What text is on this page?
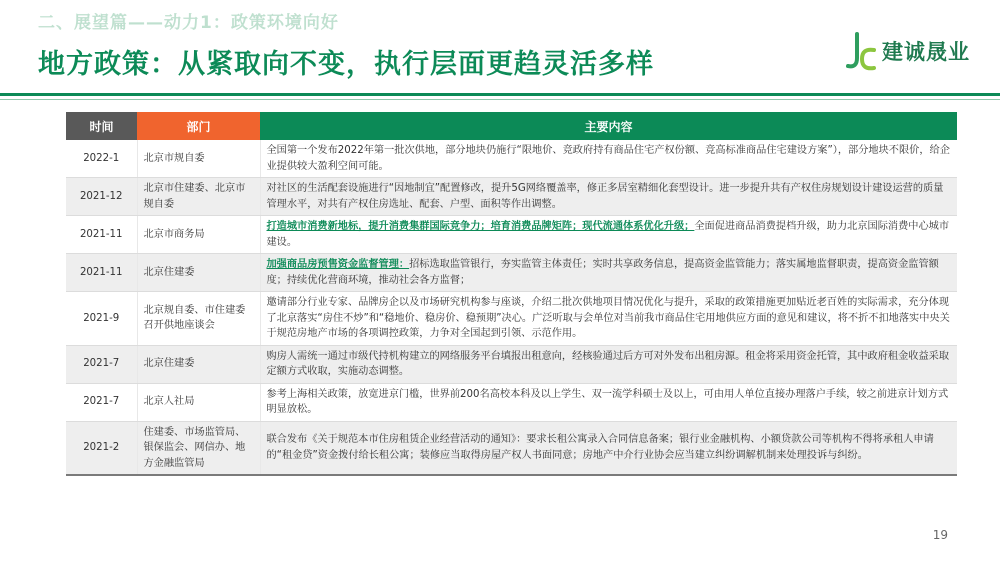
二、展望篇——动力1：政策环境向好
地方政策：从紧取向不变，执行层面更趋灵活多样	建诚晟业
时间	部门	主要内容
2022-1	北京市规自委	全国第一个发布2022年第一批次供地，部分地块仍施行“限地价、竞政府持有商品住宅产权份额、竞高标准商品住宅建设方案”），部分地块不限价，给企业提供较大盈利空间可能。
2021-12	北京市住建委、北京市规自委	对社区的生活配套设施进行“因地制宜”配置修改，提升5G网络覆盖率，修正多居室精细化套型设计。进一步提升共有产权住房规划设计建设运营的质量管理水平，对共有产权住房选址、配套、户型、面积等作出调整。
2021-11	北京市商务局	打造城市消费新地标，提升消费集群国际竞争力；培育消费品牌矩阵；现代流通体系优化升级；全面促进商品消费提档升级，助力北京国际消费中心城市建设。
2021-11	北京住建委	加强商品房预售资金监督管理：招标选取监管银行，夯实监管主体责任；实时共享政务信息，提高资金监管能力；落实属地监督职责，提高资金监管额度；持续优化营商环境，推动社会各方监督；
2021-9	北京规自委、市住建委召开供地座谈会	邀请部分行业专家、品牌房企以及市场研究机构参与座谈，介绍二批次供地项目情况优化与提升，采取的政策措施更加贴近老百姓的实际需求，充分体现了北京落实“房住不炒”和“稳地价、稳房价、稳预期”决心。广泛听取与会单位对当前我市商品住宅用地供应方面的意见和建议，将不折不扣地落实中央关于规范房地产市场的各项调控政策，力争对全国起到引领、示范作用。
2021-7	北京住建委	购房人需统一通过市级代持机构建立的网络服务平台填报出租意向，经核验通过后方可对外发布出租房源。租金将采用资金托管，其中政府租金收益采取定额方式收取，实施动态调整。
2021-7	北京人社局	参考上海相关政策，放宽进京门槛，世界前200名高校本科及以上学生、双一流学科硕士及以上，可由用人单位直接办理落户手续，较之前进京计划方式明显放松。
2021-2	住建委、市场监管局、银保监会、网信办、地方金融监管局	联合发布《关于规范本市住房租赁企业经营活动的通知》：要求长租公寓录入合同信息备案；银行业金融机构、小额贷款公司等机构不得将承租人申请的“租金贷”资金拨付给长租公寓；装修应当取得房屋产权人书面同意；房地产中介行业协会应当建立纠纷调解机制来处理投诉与纠纷。
19
